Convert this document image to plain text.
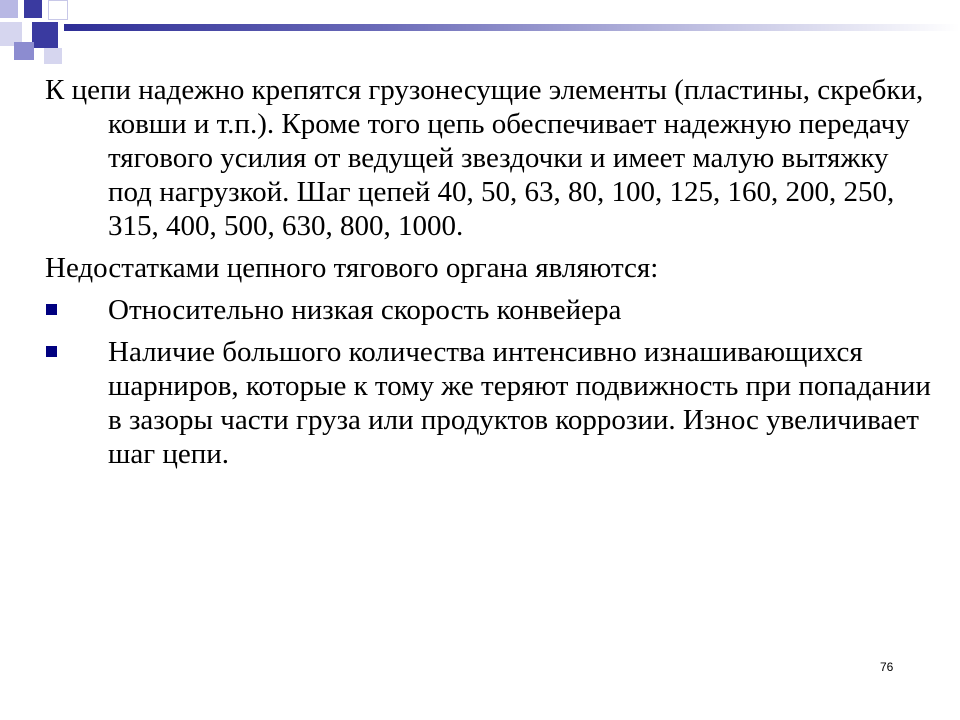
К цепи надежно крепятся грузонесущие элементы (пластины, скребки, ковши и т.п.). Кроме того цепь обеспечивает надежную передачу тягового усилия от ведущей звездочки и имеет малую вытяжку под нагрузкой. Шаг цепей 40, 50, 63, 80, 100, 125, 160, 200, 250, 315, 400, 500, 630, 800, 1000.

Недостатками цепного тягового органа являются:

Относительно низкая скорость конвейера
Наличие большого количества интенсивно изнашивающихся шарниров, которые к тому же теряют подвижность при попадании в зазоры части груза или продуктов коррозии. Износ увеличивает шаг цепи.
76
